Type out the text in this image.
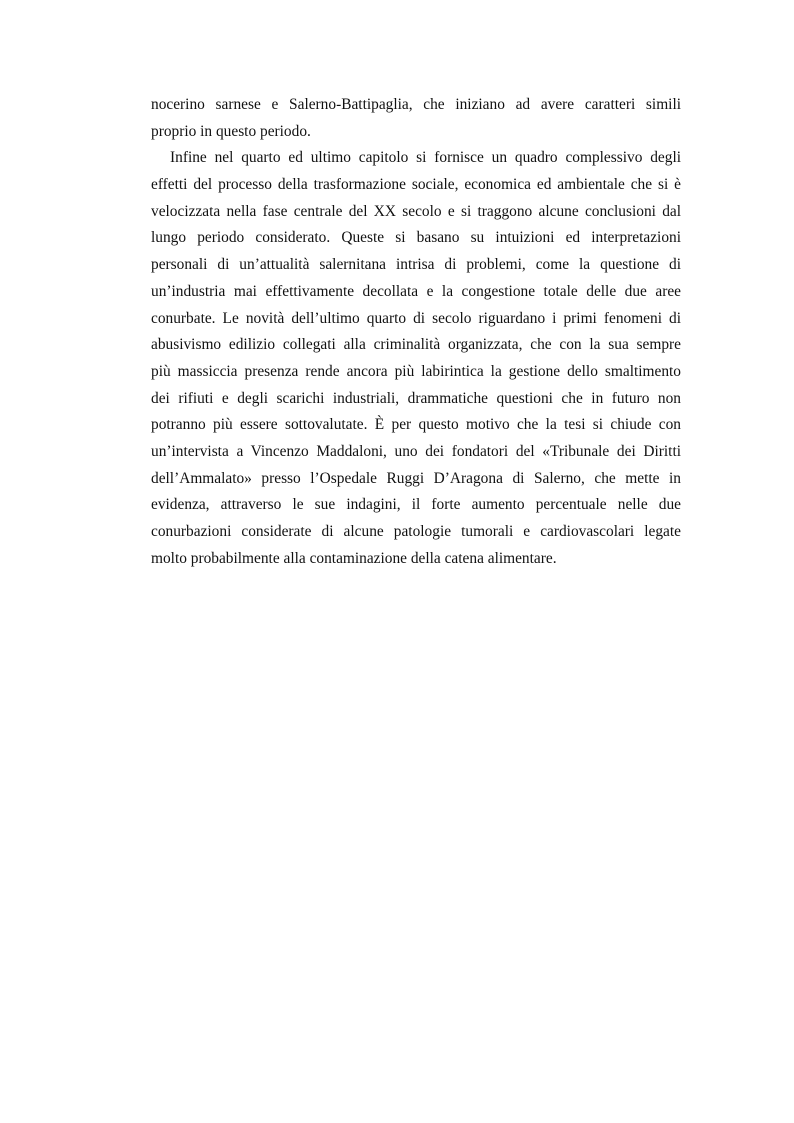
nocerino sarnese e Salerno-Battipaglia, che iniziano ad avere caratteri simili
proprio in questo periodo.
Infine nel quarto ed ultimo capitolo si fornisce un quadro complessivo degli
effetti del processo della trasformazione sociale, economica ed ambientale che si è
velocizzata nella fase centrale del XX secolo e si traggono alcune conclusioni dal
lungo periodo considerato. Queste si basano su intuizioni ed interpretazioni
personali di un’attualità salernitana intrisa di problemi, come la questione di
un’industria mai effettivamente decollata e la congestione totale delle due aree
conurbate. Le novità dell’ultimo quarto di secolo riguardano i primi fenomeni di
abusivismo edilizio collegati alla criminalità organizzata, che con la sua sempre
più massiccia presenza rende ancora più labirintica la gestione dello smaltimento
dei rifiuti e degli scarichi industriali, drammatiche questioni che in futuro non
potranno più essere sottovalutate. È per questo motivo che la tesi si chiude con
un’intervista a Vincenzo Maddaloni, uno dei fondatori del «Tribunale dei Diritti
dell’Ammalato» presso l’Ospedale Ruggi D’Aragona di Salerno, che mette in
evidenza, attraverso le sue indagini, il forte aumento percentuale nelle due
conurbazioni considerate di alcune patologie tumorali e cardiovascolari legate
molto probabilmente alla contaminazione della catena alimentare.
